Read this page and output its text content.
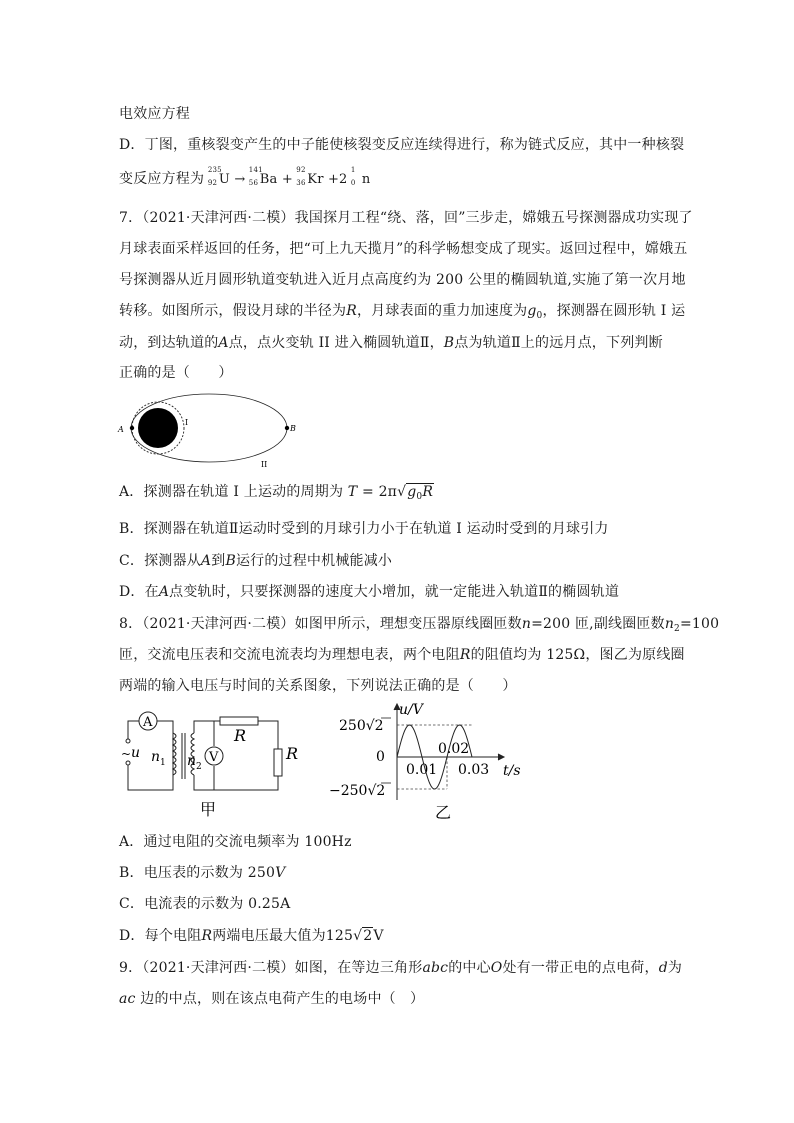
电效应方程
D．丁图，重核裂变产生的中子能使核裂变反应连续得进行，称为链式反应，其中一种核裂
变反应方程为
235
92 U →
141
56 Ba +
92
36 Kr +2
1
0 n
7．（2021·天津河西·二模）我国探月工程“绕、落，回”三步走，嫦娥五号探测器成功实现了
月球表面采样返回的任务，把“可上九天揽月”的科学畅想变成了现实。返回过程中，嫦娥五
号探测器从近月圆形轨道变轨进入近月点高度约为 200 公里的椭圆轨道,实施了第一次月地
转移。如图所示，假设月球的半径为R，月球表面的重力加速度为$g_0$，探测器在圆形轨 I 运
动，到达轨道的A点，点火变轨 II 进入椭圆轨道Ⅱ，B点为轨道Ⅱ上的远月点，下列判断
正确的是（　　）
A	B
I
II
A．探测器在轨道 I 上运动的周期为 $T = 2\pi√g_0R$
B．探测器在轨道Ⅱ运动时受到的月球引力小于在轨道 I 运动时受到的月球引力
C．探测器从A到B运行的过程中机械能减小
D．在A点变轨时，只要探测器的速度大小增加，就一定能进入轨道Ⅱ的椭圆轨道
8．（2021·天津河西·二模）如图甲所示，理想变压器原线圈匝数n=200 匝,副线圈匝数$n_2=100$
匝，交流电压表和交流电流表均为理想电表，两个电阻R的阻值均为 125Ω，图乙为原线圈
两端的输入电压与时间的关系图象，下列说法正确的是（　　）
A
V
~ u $n_1$ $n_2$
R
R
甲
u/V
t/s
250√2
0
−250√2
0.01
0.02
0.03
乙
A．通过电阻的交流电频率为 100Hz
B．电压表的示数为 250V
C．电流表的示数为 0.25A
D．每个电阻R两端电压最大值为125√2V
9．（2021·天津河西·二模）如图，在等边三角形abc的中心O处有一带正电的点电荷，d为
ac 边的中点，则在该点电荷产生的电场中（　）
